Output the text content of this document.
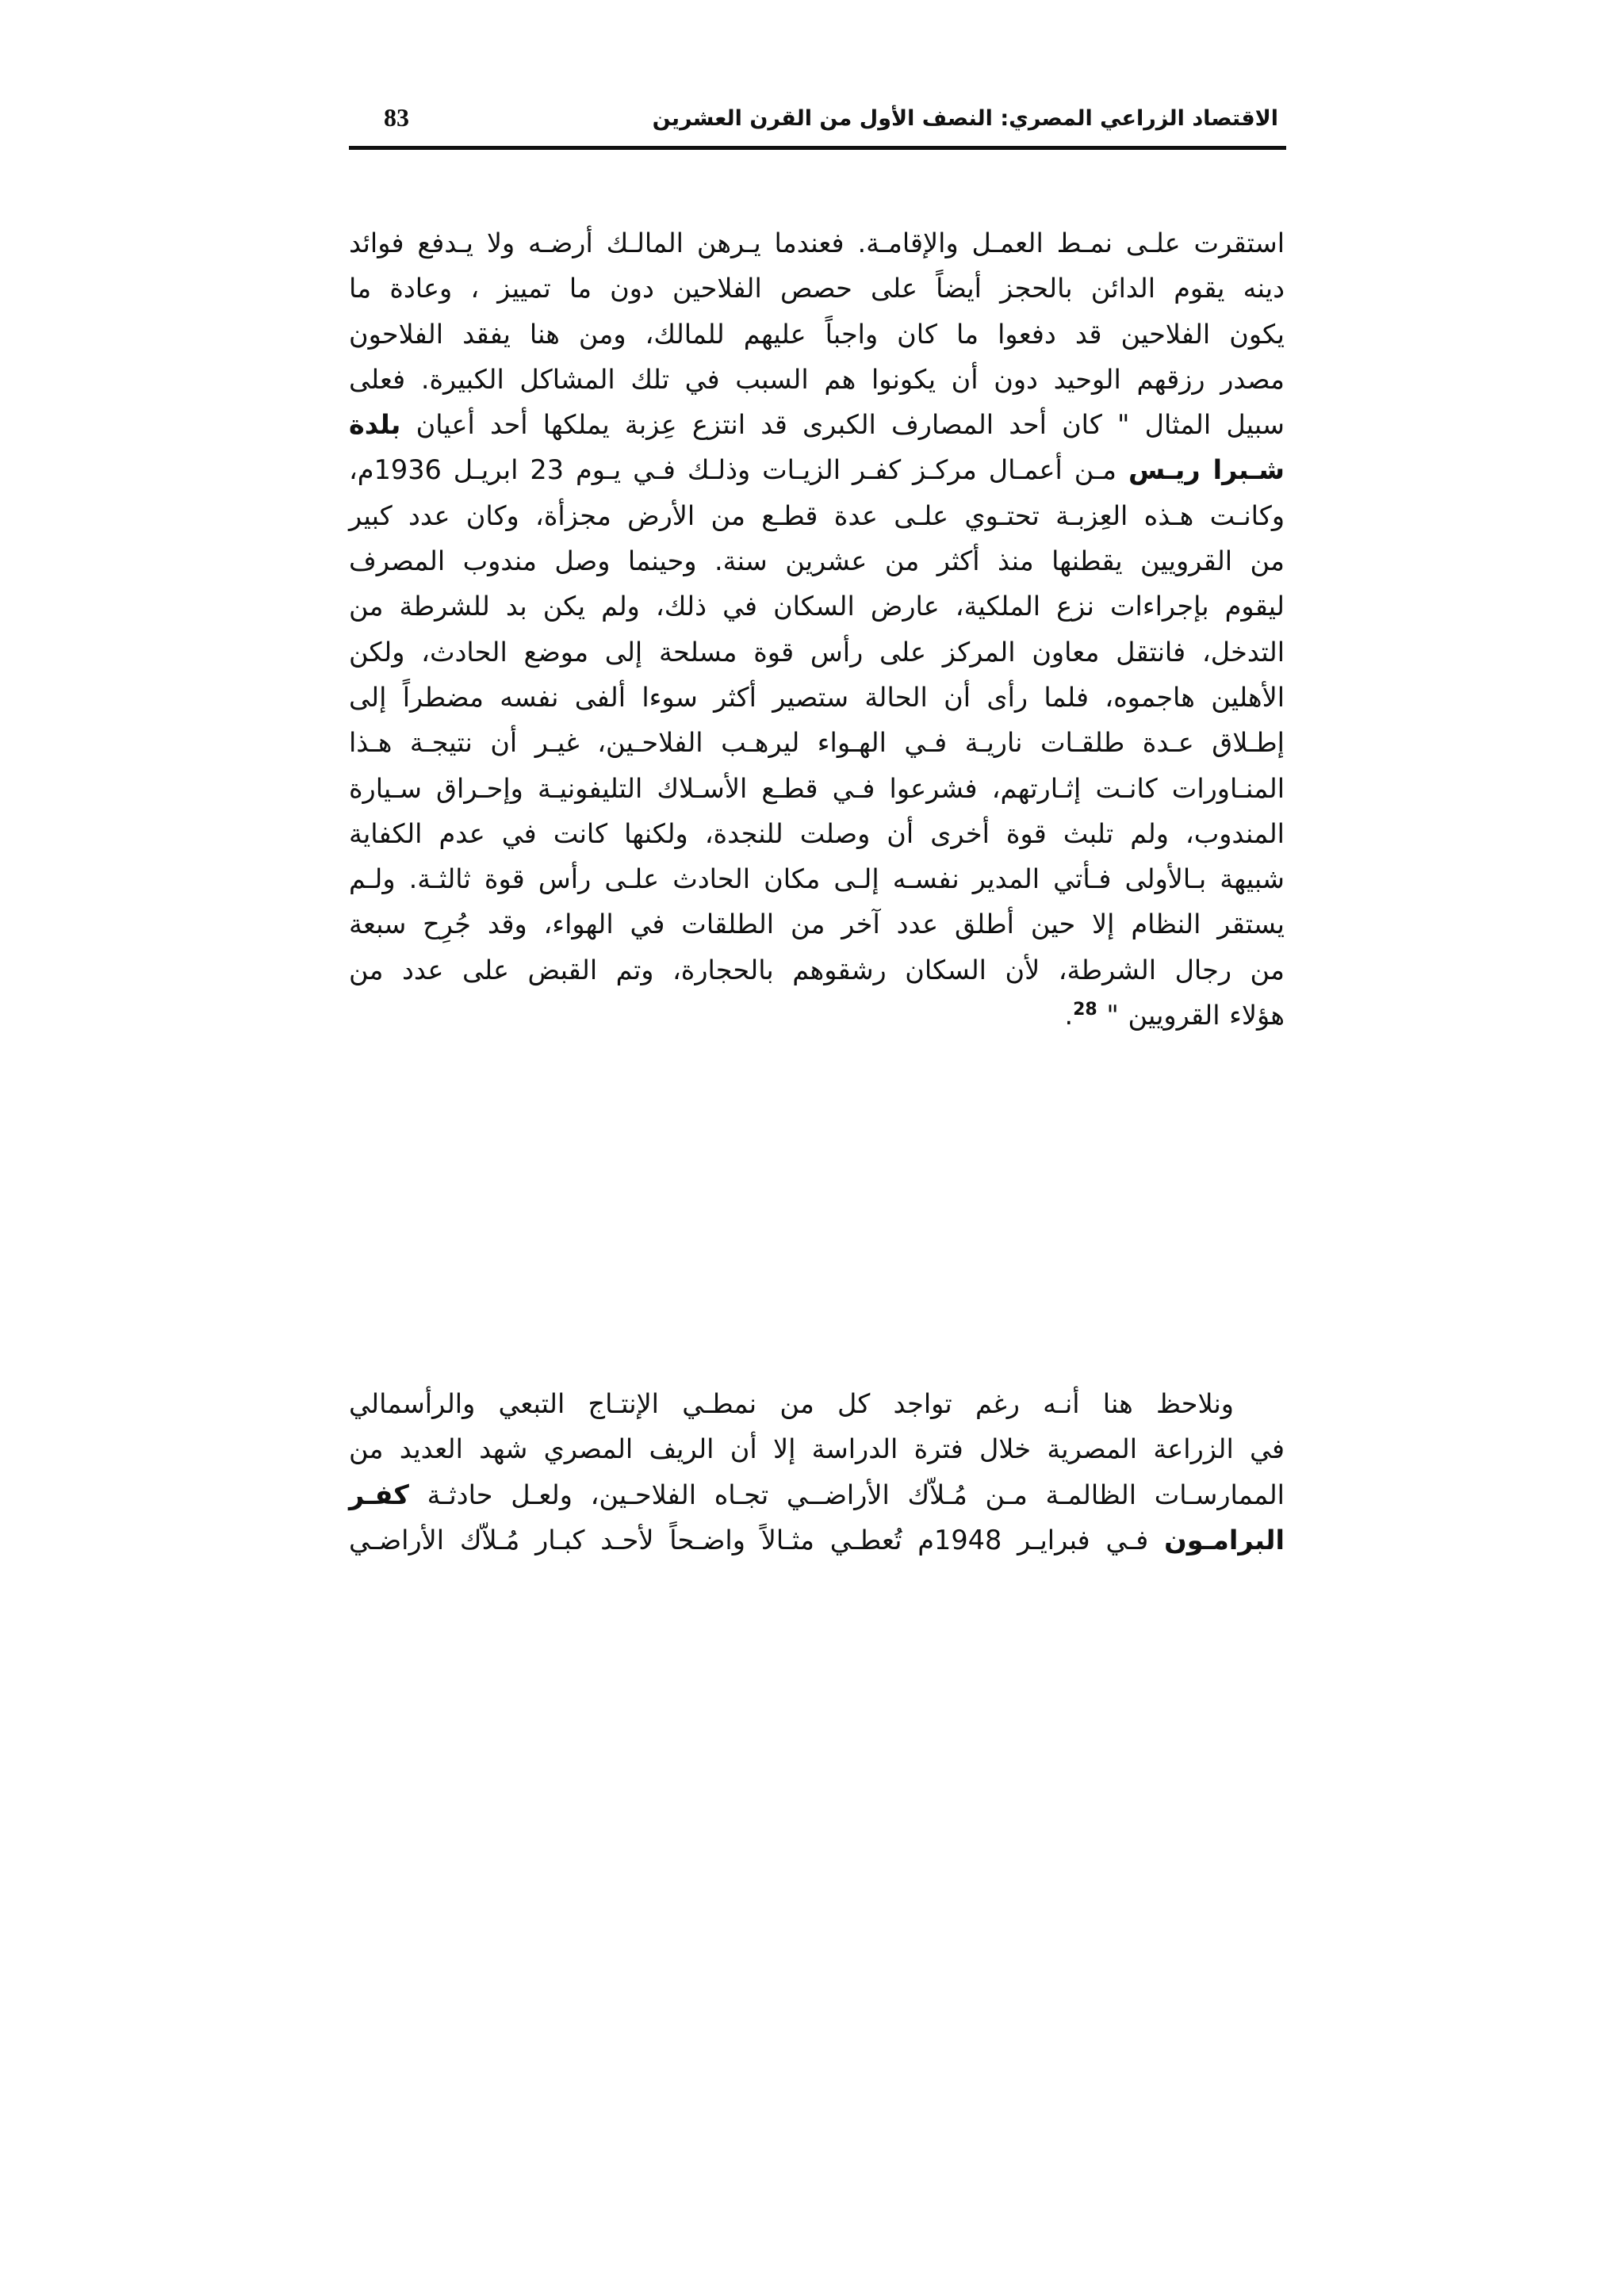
الاقتصاد الزراعي المصري: النصف الأول من القرن العشرين
83
استقرت علـى نمـط العمـل والإقامـة. فعندما يـرهن المالـك أرضـه ولا يـدفع فوائد
دينه يقوم الدائن بالحجز أيضاً على حصص الفلاحين دون ما تمييز ، وعادة ما
يكون الفلاحين قد دفعوا ما كان واجباً عليهم للمالك، ومن هنا يفقد الفلاحون
مصدر رزقهم الوحيد دون أن يكونوا هم السبب في تلك المشاكل الكبيرة. فعلى
سبيل المثال " كان أحد المصارف الكبرى قد انتزع عِزبة يملكها أحد أعيان بلدة
شـبرا ريـس مـن أعمـال مركـز كفـر الزيـات وذلـك فـي يـوم 23 ابريـل 1936م،
وكانـت هـذه العِزبـة تحتـوي علـى عدة قطـع من الأرض مجزأة، وكان عدد كبير
من القرويين يقطنها منذ أكثر من عشرين سنة. وحينما وصل مندوب المصرف
ليقوم بإجراءات نزع الملكية، عارض السكان في ذلك، ولم يكن بد للشرطة من
التدخل، فانتقل معاون المركز على رأس قوة مسلحة إلى موضع الحادث، ولكن
الأهلين هاجموه، فلما رأى أن الحالة ستصير أكثر سوءا ألفى نفسه مضطراً إلى
إطـلاق عـدة طلقـات ناريـة فـي الهـواء ليرهـب الفلاحـين، غيـر أن نتيجـة هـذا
المنـاورات كانـت إثـارتهم، فشرعوا فـي قطـع الأسـلاك التليفونيـة وإحـراق سـيارة
المندوب، ولم تلبث قوة أخرى أن وصلت للنجدة، ولكنها كانت في عدم الكفاية
شبيهة بـالأولى فـأتي المدير نفسـه إلـى مكان الحادث علـى رأس قوة ثالثـة. ولـم
يستقر النظام إلا حين أطلق عدد آخر من الطلقات في الهواء، وقد جُرِح سبعة
من رجال الشرطة، لأن السكان رشقوهم بالحجارة، وتم القبض على عدد من
هؤلاء القرويين " $^{28}$.
ونلاحظ هنا أنـه رغم تواجد كل من نمطـي الإنتـاج التبعي والرأسمالي
في الزراعة المصرية خلال فترة الدراسة إلا أن الريف المصري شهد العديد من
الممارسـات الظالمـة مـن مُـلاّك الأراضــي تجـاه الفلاحـين، ولعـل حادثـة كفـر
البرامـون فـي فبرايـر 1948م تُعطـي مثـالاً واضـحاً لأحـد كبـار مُـلاّك الأراضـي
